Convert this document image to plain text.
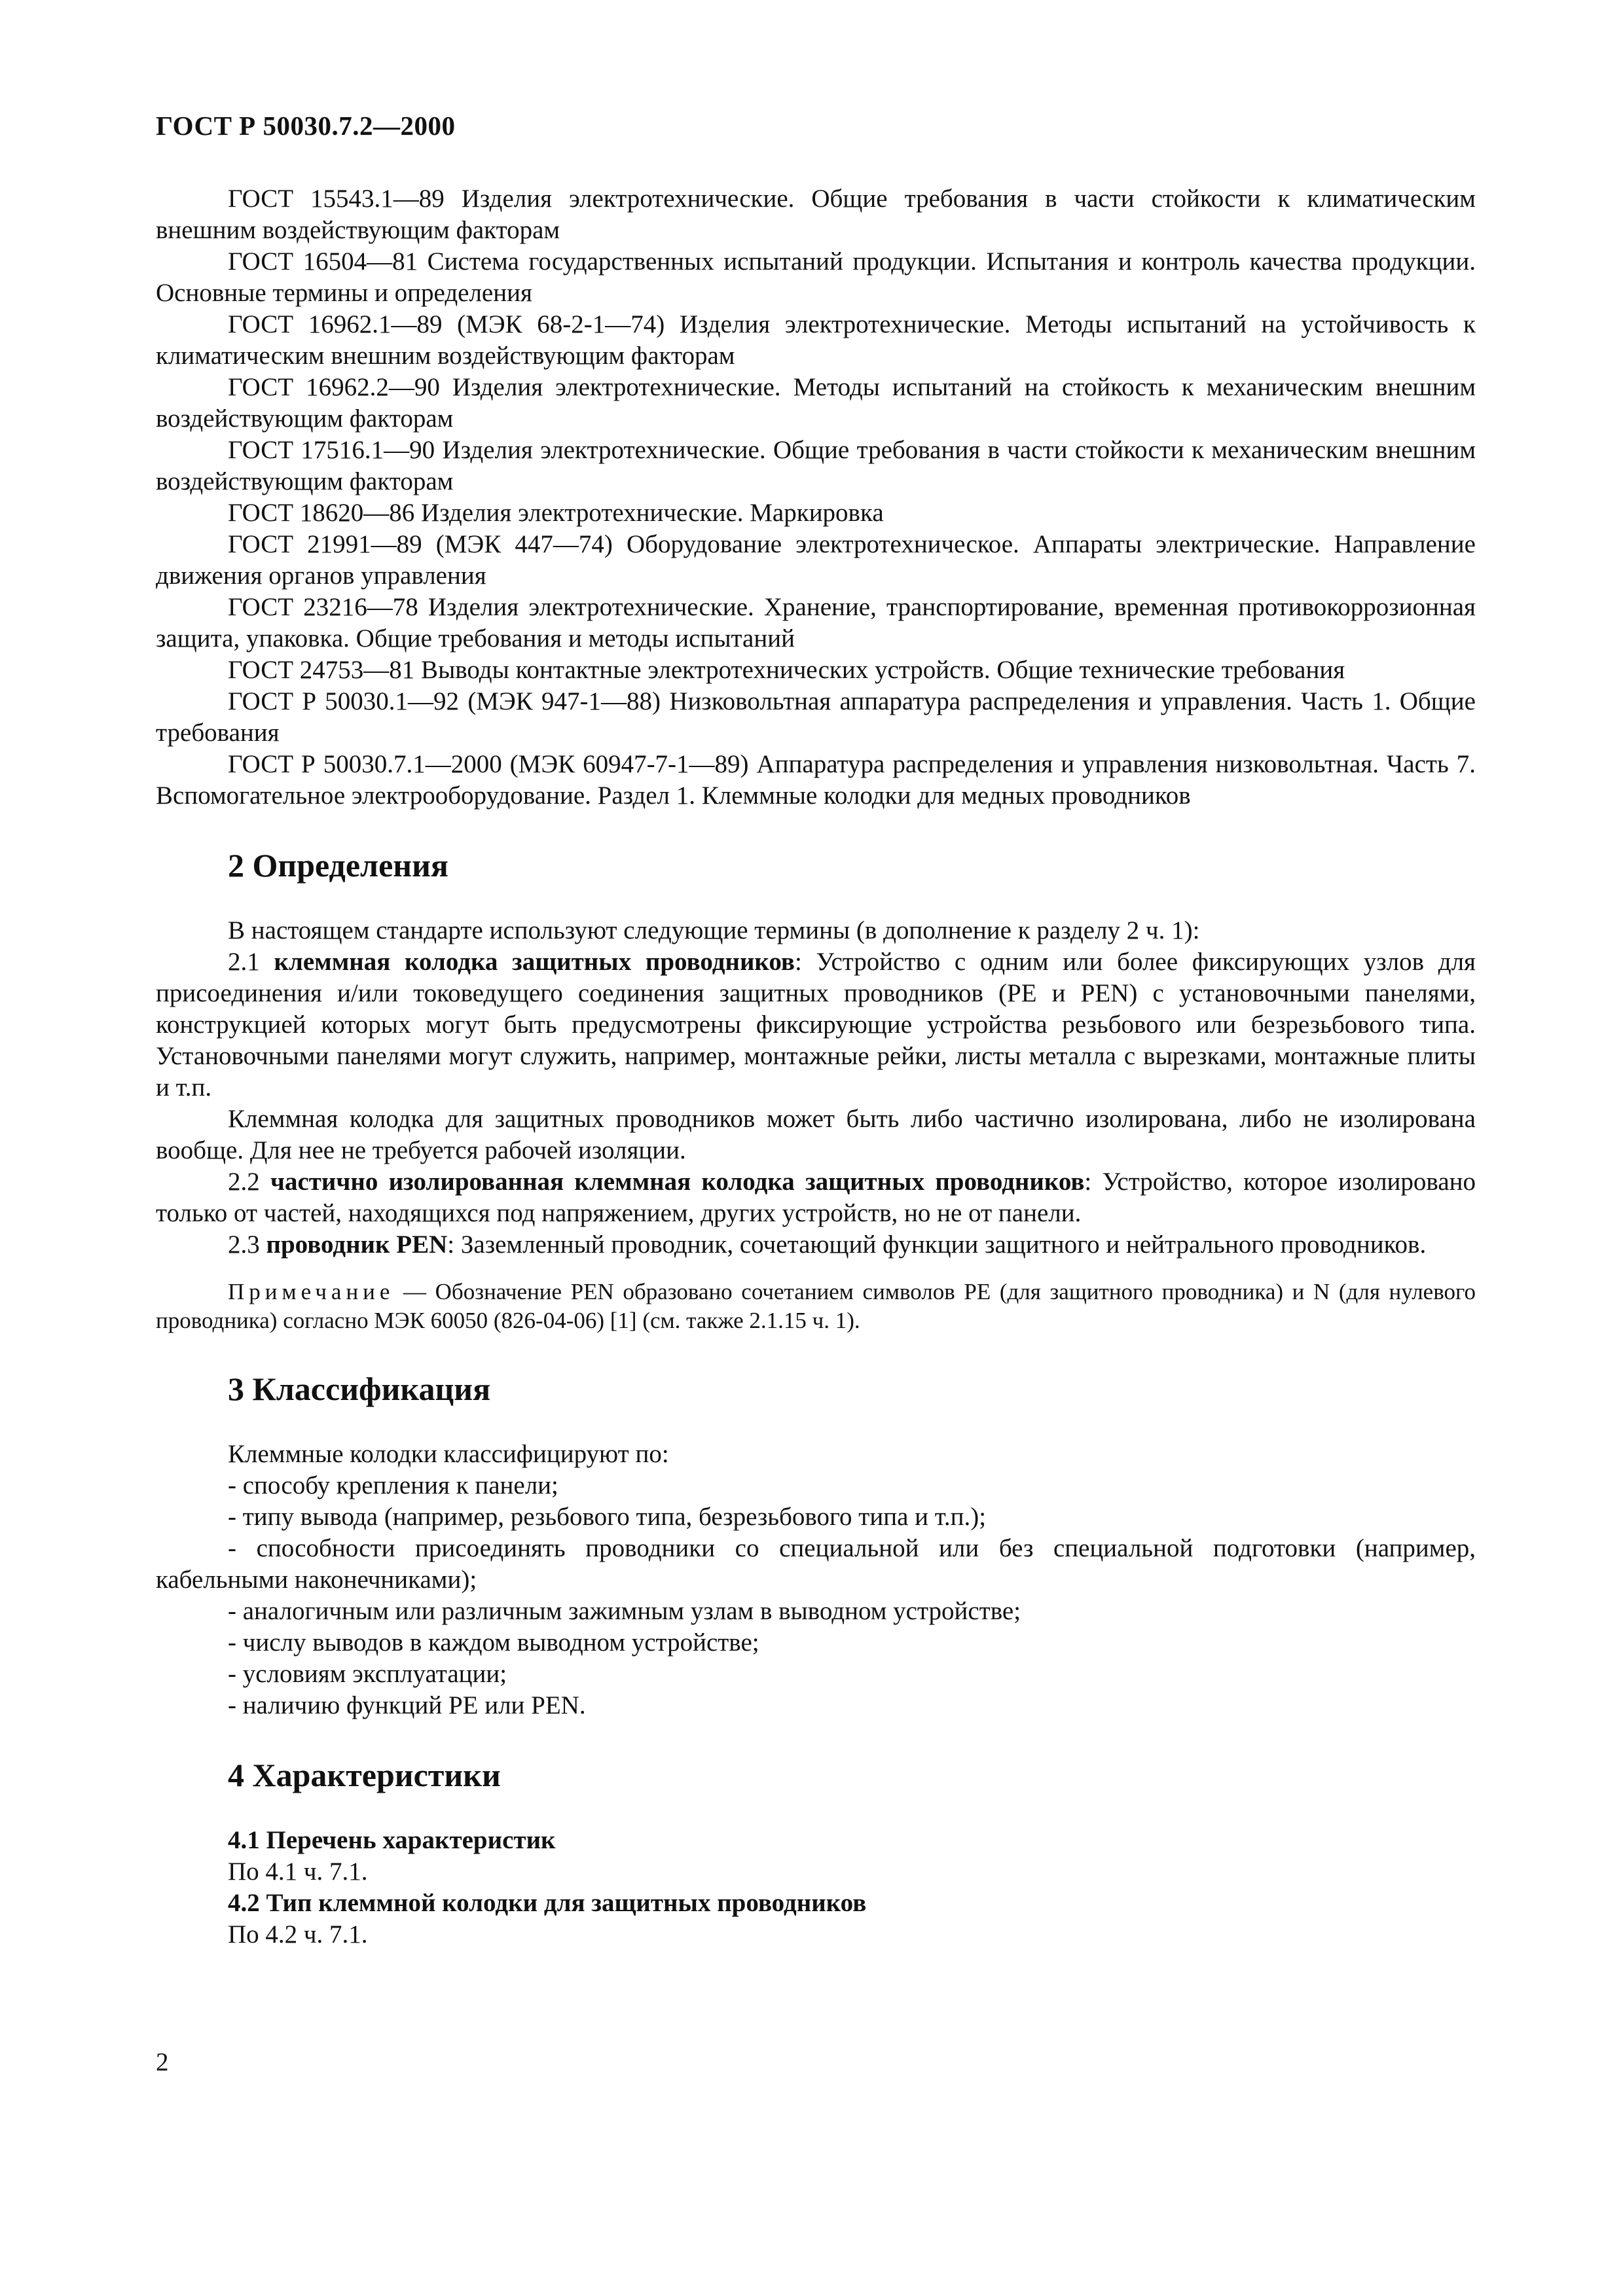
ГОСТ Р 50030.7.2—2000

ГОСТ 15543.1—89 Изделия электротехнические. Общие требования в части стойкости к климатическим внешним воздействующим факторам

ГОСТ 16504—81 Система государственных испытаний продукции. Испытания и контроль качества продукции. Основные термины и определения

ГОСТ 16962.1—89 (МЭК 68-2-1—74) Изделия электротехнические. Методы испытаний на устойчивость к климатическим внешним воздействующим факторам

ГОСТ 16962.2—90 Изделия электротехнические. Методы испытаний на стойкость к механическим внешним воздействующим факторам

ГОСТ 17516.1—90 Изделия электротехнические. Общие требования в части стойкости к механическим внешним воздействующим факторам

ГОСТ 18620—86 Изделия электротехнические. Маркировка

ГОСТ 21991—89 (МЭК 447—74) Оборудование электротехническое. Аппараты электрические. Направление движения органов управления

ГОСТ 23216—78 Изделия электротехнические. Хранение, транспортирование, временная противокоррозионная защита, упаковка. Общие требования и методы испытаний

ГОСТ 24753—81 Выводы контактные электротехнических устройств. Общие технические требования

ГОСТ Р 50030.1—92 (МЭК 947-1—88) Низковольтная аппаратура распределения и управления. Часть 1. Общие требования

ГОСТ Р 50030.7.1—2000 (МЭК 60947-7-1—89) Аппаратура распределения и управления низковольтная. Часть 7. Вспомогательное электрооборудование. Раздел 1. Клеммные колодки для медных проводников

2 Определения

В настоящем стандарте используют следующие термины (в дополнение к разделу 2 ч. 1):

2.1 клеммная колодка защитных проводников: Устройство с одним или более фиксирующих узлов для присоединения и/или токоведущего соединения защитных проводников (PE и PEN) с установочными панелями, конструкцией которых могут быть предусмотрены фиксирующие устройства резьбового или безрезьбового типа. Установочными панелями могут служить, например, монтажные рейки, листы металла с вырезками, монтажные плиты и т.п.

Клеммная колодка для защитных проводников может быть либо частично изолирована, либо не изолирована вообще. Для нее не требуется рабочей изоляции.

2.2 частично изолированная клеммная колодка защитных проводников: Устройство, которое изолировано только от частей, находящихся под напряжением, других устройств, но не от панели.

2.3 проводник PEN: Заземленный проводник, сочетающий функции защитного и нейтрального проводников.

Примечание — Обозначение PEN образовано сочетанием символов PE (для защитного проводника) и N (для нулевого проводника) согласно МЭК 60050 (826-04-06) [1] (см. также 2.1.15 ч. 1).

3 Классификация

Клеммные колодки классифицируют по:

- способу крепления к панели;

- типу вывода (например, резьбового типа, безрезьбового типа и т.п.);

- способности присоединять проводники со специальной или без специальной подготовки (например, кабельными наконечниками);

- аналогичным или различным зажимным узлам в выводном устройстве;

- числу выводов в каждом выводном устройстве;

- условиям эксплуатации;

- наличию функций PE или PEN.

4 Характеристики

4.1 Перечень характеристик

По 4.1 ч. 7.1.

4.2 Тип клеммной колодки для защитных проводников

По 4.2 ч. 7.1.

2
